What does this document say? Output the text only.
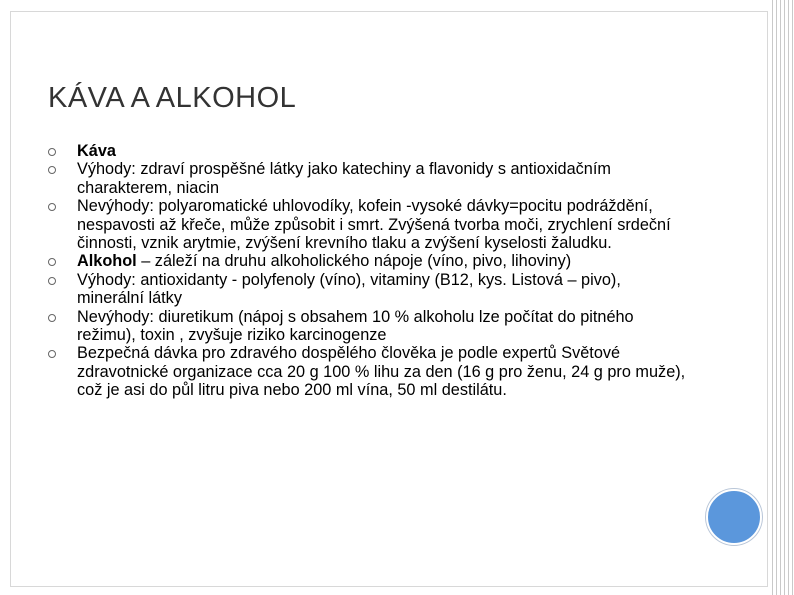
KÁVA A ALKOHOL
Káva
Výhody: zdraví prospěšné látky jako katechiny a flavonidy s antioxidačním charakterem, niacin
Nevýhody: polyaromatické uhlovodíky, kofein -vysoké dávky=pocitu podráždění, nespavosti až křeče, může způsobit i smrt. Zvýšená tvorba moči, zrychlení srdeční činnosti, vznik arytmie, zvýšení krevního tlaku a zvýšení kyselosti žaludku.
Alkohol – záleží na druhu alkoholického nápoje (víno, pivo, lihoviny)
Výhody: antioxidanty - polyfenoly (víno), vitaminy (B12, kys. Listová – pivo), minerální látky
Nevýhody: diuretikum (nápoj s obsahem 10 % alkoholu lze počítat do pitného režimu), toxin , zvyšuje riziko karcinogenze
Bezpečná dávka pro zdravého dospělého člověka je podle expertů Světové zdravotnické organizace cca 20 g 100 % lihu za den (16 g pro ženu, 24 g pro muže), což je asi do půl litru piva nebo 200 ml vína, 50 ml destilátu.
